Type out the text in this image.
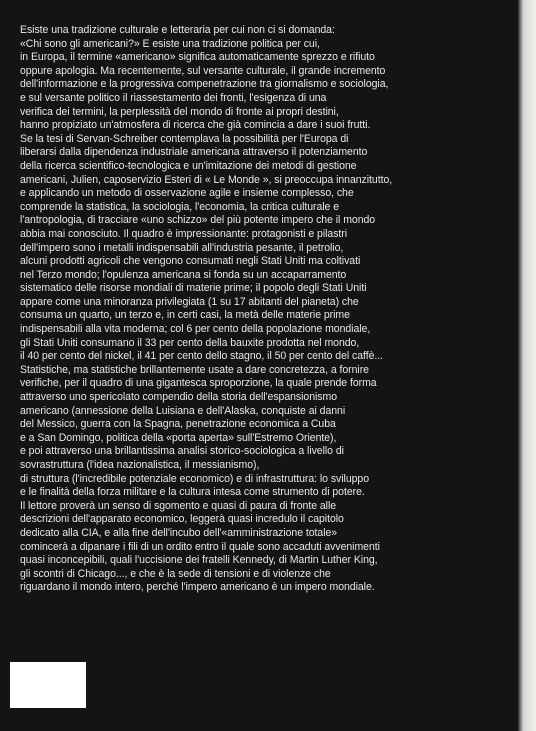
Esiste una tradizione culturale e letteraria per cui non ci si domanda:
«Chi sono gli americani?» E esiste una tradizione politica per cui,
in Europa, il termine «americano» significa automaticamente sprezzo e rifiuto
oppure apologia. Ma recentemente, sul versante culturale, il grande incremento
dell'informazione e la progressiva compenetrazione tra giornalismo e sociologia,
e sul versante politico il riassestamento dei fronti, l'esigenza di una
verifica dei termini, la perplessità del mondo di fronte ai propri destini,
hanno propiziato un'atmosfera di ricerca che già comincia a dare i suoi frutti.
Se la tesi di Servan-Schreiber contemplava la possibilità per l'Europa di
liberarsi dalla dipendenza industriale americana attraverso il potenziamento
della ricerca scientifico-tecnologica e un'imitazione dei metodi di gestione
americani, Julien, caposervizio Esteri di « Le Monde », si preoccupa innanzitutto,
e applicando un metodo di osservazione agile e insieme complesso, che
comprende la statistica, la sociologia, l'economia, la critica culturale e
l'antropologia, di tracciare «uno schizzo» del più potente impero che il mondo
abbia mai conosciuto. Il quadro è impressionante: protagonisti e pilastri
dell'impero sono i metalli indispensabili all'industria pesante, il petrolio,
alcuni prodotti agricoli che vengono consumati negli Stati Uniti ma coltivati
nel Terzo mondo; l'opulenza americana si fonda su un accaparramento
sistematico delle risorse mondiali di materie prime; il popolo degli Stati Uniti
appare come una minoranza privilegiata (1 su 17 abitanti del pianeta) che
consuma un quarto, un terzo e, in certi casi, la metà delle materie prime
indispensabili alla vita moderna; col 6 per cento della popolazione mondiale,
gli Stati Uniti consumano il 33 per cento della bauxite prodotta nel mondo,
il 40 per cento del nickel, il 41 per cento dello stagno, il 50 per cento del caffè...
Statistiche, ma statistiche brillantemente usate a dare concretezza, a fornire
verifiche, per il quadro di una gigantesca sproporzione, la quale prende forma
attraverso uno spericolato compendio della storia dell'espansionismo
americano (annessione della Luisiana e dell'Alaska, conquiste ai danni
del Messico, guerra con la Spagna, penetrazione economica a Cuba
e a San Domingo, politica della «porta aperta» sull'Estremo Oriente),
e poi attraverso una brillantissima analisi storico-sociologica a livello di
sovrastruttura (l'idea nazionalistica, il messianismo),
di struttura (l'incredibile potenziale economico) e di infrastruttura: lo sviluppo
e le finalità della forza militare e la cultura intesa come strumento di potere.
Il lettore proverà un senso di sgomento e quasi di paura di fronte alle
descrizioni dell'apparato economico, leggerà quasi incredulo il capitolo
dedicato alla CIA, e alla fine dell'incubo dell'«amministrazione totale»
comincerà a dipanare i fili di un ordito entro il quale sono accaduti avvenimenti
quasi inconcepibili, quali l'uccisione dei fratelli Kennedy, di Martin Luther King,
gli scontri di Chicago..., e che è la sede di tensioni e di violenze che
riguardano il mondo intero, perché l'impero americano è un impero mondiale.
